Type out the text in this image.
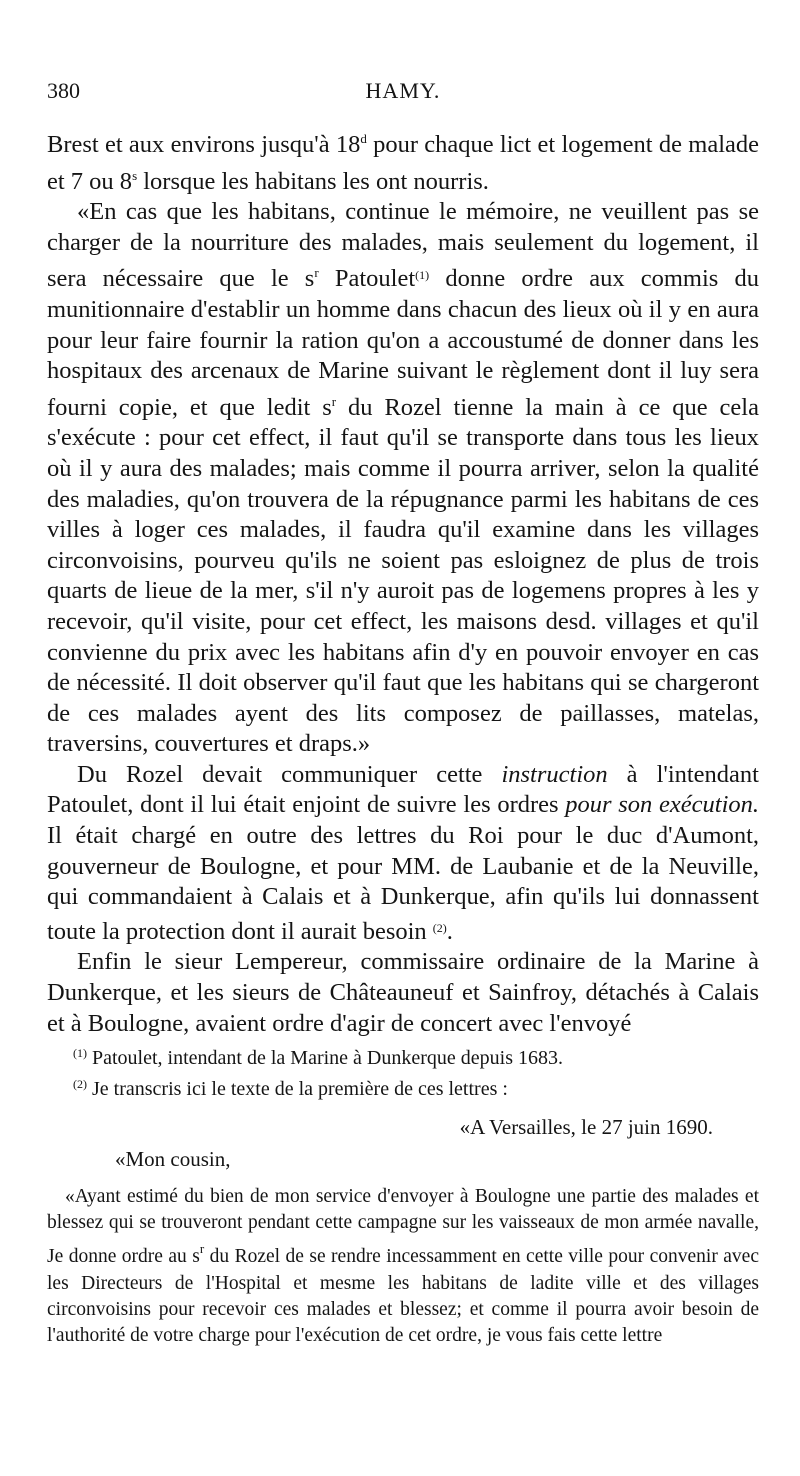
380	HAMY.

Brest et aux environs jusqu'à 18$^d$ pour chaque lict et logement de malade et 7 ou 8$^s$ lorsque les habitans les ont nourris.

«En cas que les habitans, continue le mémoire, ne veuillent pas se charger de la nourriture des malades, mais seulement du logement, il sera nécessaire que le $s^r$ Patoulet$^{(1)}$ donne ordre aux commis du munitionnaire d'establir un homme dans chacun des lieux où il y en aura pour leur faire fournir la ration qu'on a accoustumé de donner dans les hospitaux des arcenaux de Marine suivant le règlement dont il luy sera fourni copie, et que ledit $s^r$ du Rozel tienne la main à ce que cela s'exécute : pour cet effect, il faut qu'il se transporte dans tous les lieux où il y aura des malades; mais comme il pourra arriver, selon la qualité des maladies, qu'on trouvera de la répugnance parmi les habitans de ces villes à loger ces malades, il faudra qu'il examine dans les villages circonvoisins, pourveu qu'ils ne soient pas esloignez de plus de trois quarts de lieue de la mer, s'il n'y auroit pas de logemens propres à les y recevoir, qu'il visite, pour cet effect, les maisons desd. villages et qu'il convienne du prix avec les habitans afin d'y en pouvoir envoyer en cas de nécessité. Il doit observer qu'il faut que les habitans qui se chargeront de ces malades ayent des lits composez de paillasses, matelas, traversins, couvertures et draps.»

Du Rozel devait communiquer cette instruction à l'intendant Patoulet, dont il lui était enjoint de suivre les ordres pour son exécution. Il était chargé en outre des lettres du Roi pour le duc d'Aumont, gouverneur de Boulogne, et pour MM. de Laubanie et de la Neuville, qui commandaient à Calais et à Dunkerque, afin qu'ils lui donnassent toute la protection dont il aurait besoin $^{(2)}$.

Enfin le sieur Lempereur, commissaire ordinaire de la Marine à Dunkerque, et les sieurs de Châteauneuf et Sainfroy, détachés à Calais et à Boulogne, avaient ordre d'agir de concert avec l'envoyé

$^{(1)}$ Patoulet, intendant de la Marine à Dunkerque depuis 1683.

$^{(2)}$ Je transcris ici le texte de la première de ces lettres :

«A Versailles, le 27 juin 1690.

«Mon cousin,

«Ayant estimé du bien de mon service d'envoyer à Boulogne une partie des malades et blessez qui se trouveront pendant cette campagne sur les vaisseaux de mon armée navalle, Je donne ordre au $s^r$ du Rozel de se rendre incessamment en cette ville pour convenir avec les Directeurs de l'Hospital et mesme les habitans de ladite ville et des villages circonvoisins pour recevoir ces malades et blessez; et comme il pourra avoir besoin de l'authorité de votre charge pour l'exécution de cet ordre, je vous fais cette lettre
